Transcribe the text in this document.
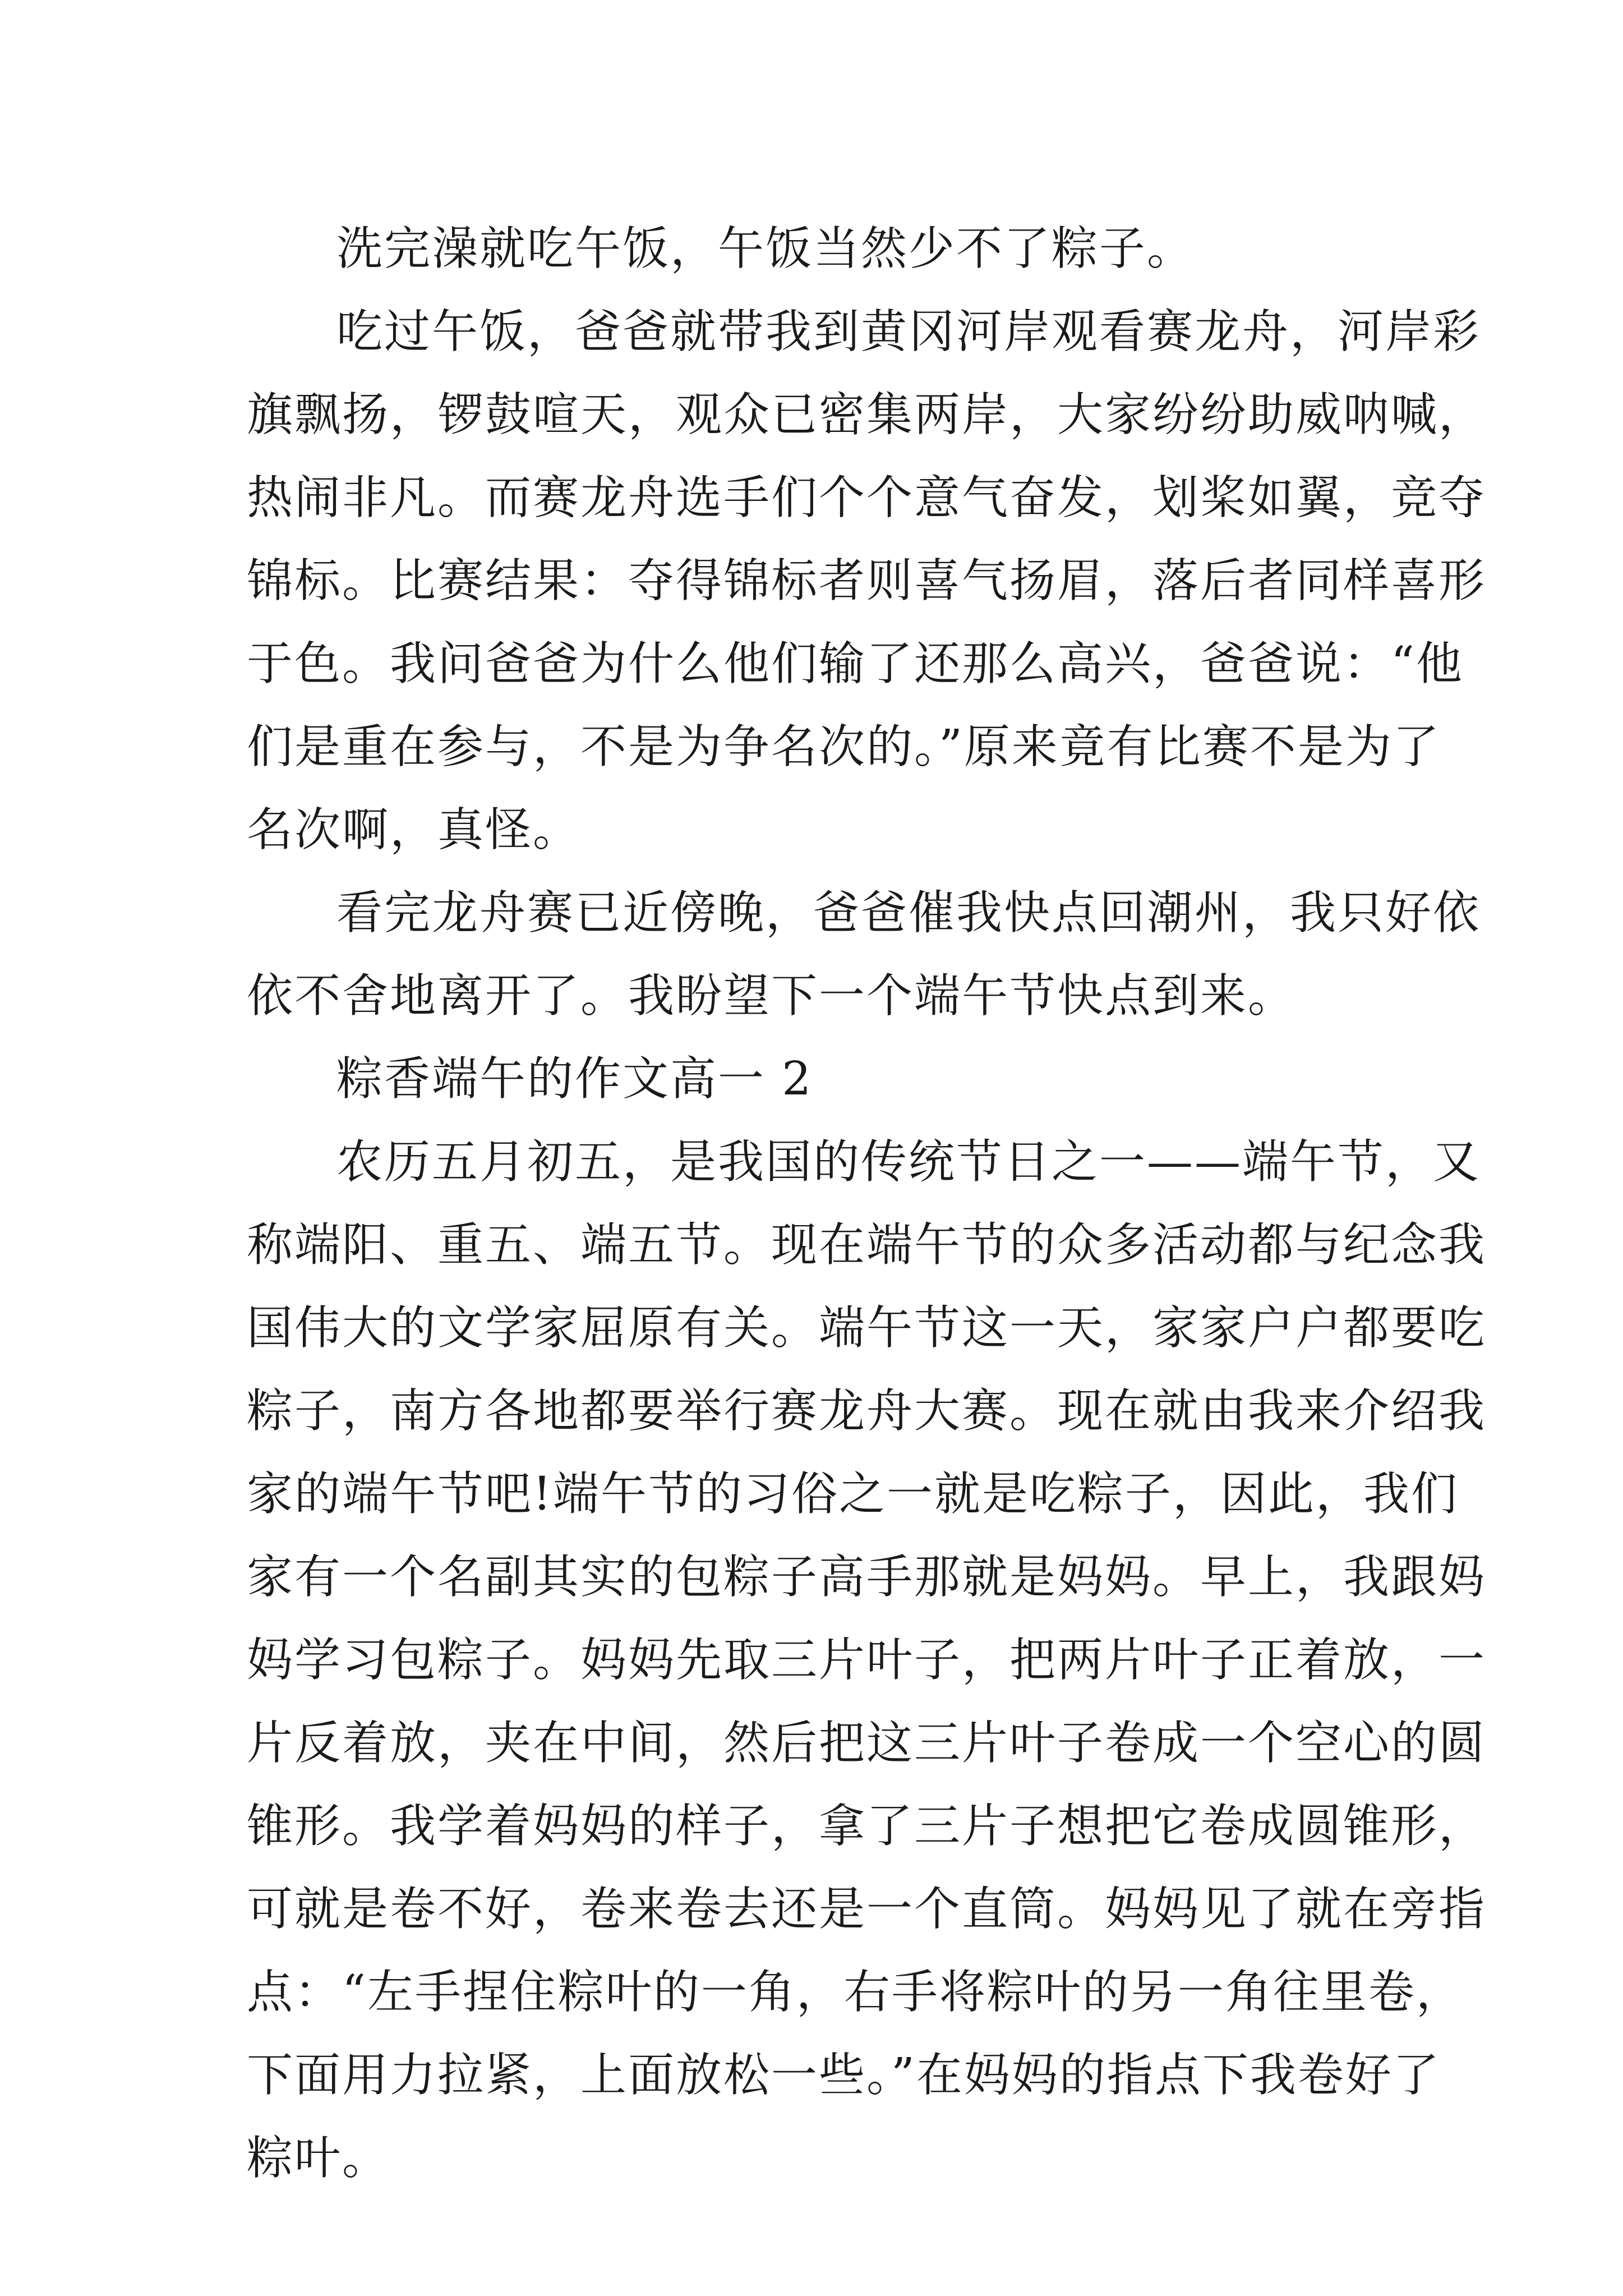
洗完澡就吃午饭，午饭当然少不了粽子。
吃过午饭，爸爸就带我到黄冈河岸观看赛龙舟，河岸彩
旗飘扬，锣鼓喧天，观众已密集两岸，大家纷纷助威呐喊，
热闹非凡。而赛龙舟选手们个个意气奋发，划桨如翼，竞夺
锦标。比赛结果：夺得锦标者则喜气扬眉，落后者同样喜形
于色。我问爸爸为什么他们输了还那么高兴，爸爸说：“他
们是重在参与，不是为争名次的。”原来竟有比赛不是为了
名次啊，真怪。
看完龙舟赛已近傍晚，爸爸催我快点回潮州，我只好依
依不舍地离开了。我盼望下一个端午节快点到来。
粽香端午的作文高一 2
农历五月初五，是我国的传统节日之一——端午节，又
称端阳、重五、端五节。现在端午节的众多活动都与纪念我
国伟大的文学家屈原有关。端午节这一天，家家户户都要吃
粽子，南方各地都要举行赛龙舟大赛。现在就由我来介绍我
家的端午节吧!端午节的习俗之一就是吃粽子，因此，我们
家有一个名副其实的包粽子高手那就是妈妈。早上，我跟妈
妈学习包粽子。妈妈先取三片叶子，把两片叶子正着放，一
片反着放，夹在中间，然后把这三片叶子卷成一个空心的圆
锥形。我学着妈妈的样子，拿了三片子想把它卷成圆锥形，
可就是卷不好，卷来卷去还是一个直筒。妈妈见了就在旁指
点：“左手捏住粽叶的一角，右手将粽叶的另一角往里卷，
下面用力拉紧，上面放松一些。”在妈妈的指点下我卷好了
粽叶。
